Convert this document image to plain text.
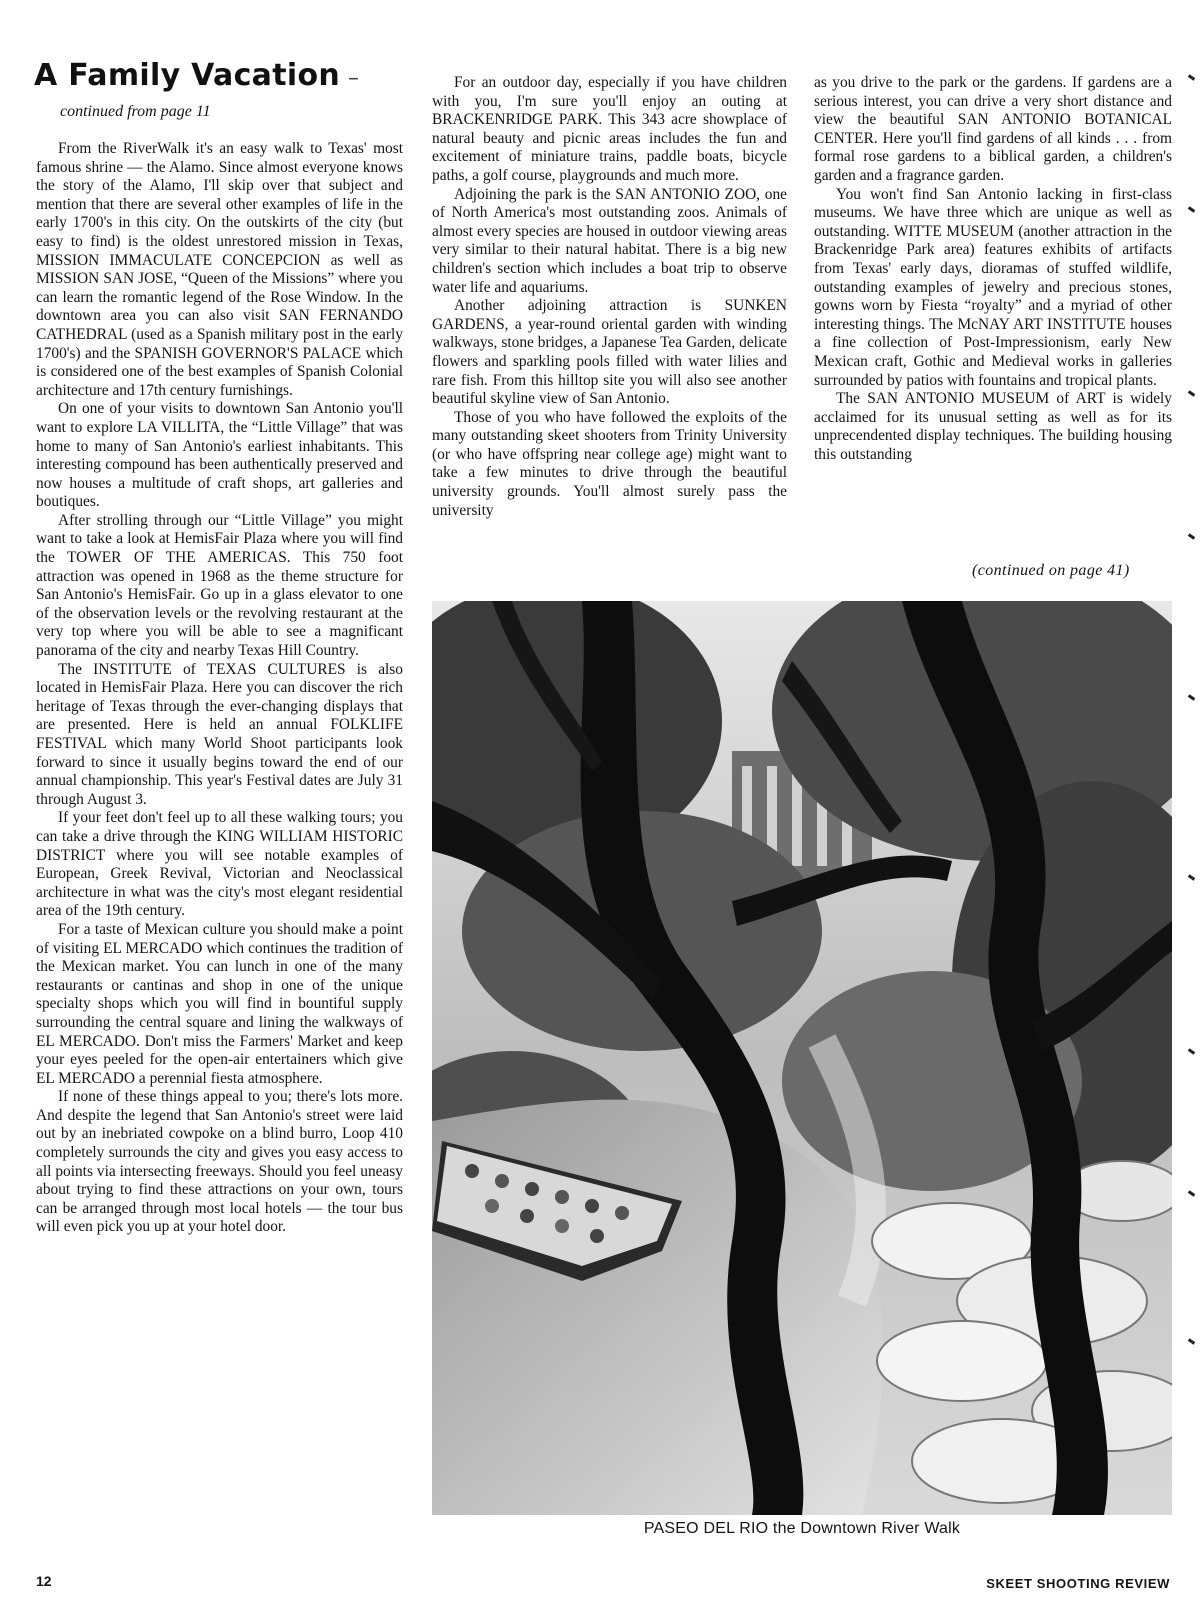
A Family Vacation –
continued from page 11

From the RiverWalk it's an easy walk to Texas' most famous shrine — the Alamo. Since almost everyone knows the story of the Alamo, I'll skip over that subject and mention that there are several other examples of life in the early 1700's in this city. On the outskirts of the city (but easy to find) is the oldest unrestored mission in Texas, MISSION IMMACULATE CONCEPCION as well as MISSION SAN JOSE, “Queen of the Missions” where you can learn the romantic legend of the Rose Window. In the downtown area you can also visit SAN FERNANDO CATHEDRAL (used as a Spanish military post in the early 1700's) and the SPANISH GOVERNOR'S PALACE which is considered one of the best examples of Spanish Colonial architecture and 17th century furnishings.

On one of your visits to downtown San Antonio you'll want to explore LA VILLITA, the “Little Village” that was home to many of San Antonio's earliest inhabitants. This interesting compound has been authentically preserved and now houses a multitude of craft shops, art galleries and boutiques.

After strolling through our “Little Village” you might want to take a look at HemisFair Plaza where you will find the TOWER OF THE AMERICAS. This 750 foot attraction was opened in 1968 as the theme structure for San Antonio's HemisFair. Go up in a glass elevator to one of the observation levels or the revolving restaurant at the very top where you will be able to see a magnificant panorama of the city and nearby Texas Hill Country.

The INSTITUTE of TEXAS CULTURES is also located in HemisFair Plaza. Here you can discover the rich heritage of Texas through the ever-changing displays that are presented. Here is held an annual FOLKLIFE FESTIVAL which many World Shoot participants look forward to since it usually begins toward the end of our annual championship. This year's Festival dates are July 31 through August 3.

If your feet don't feel up to all these walking tours; you can take a drive through the KING WILLIAM HISTORIC DISTRICT where you will see notable examples of European, Greek Revival, Victorian and Neoclassical architecture in what was the city's most elegant residential area of the 19th century.

For a taste of Mexican culture you should make a point of visiting EL MERCADO which continues the tradition of the Mexican market. You can lunch in one of the many restaurants or cantinas and shop in one of the unique specialty shops which you will find in bountiful supply surrounding the central square and lining the walkways of EL MERCADO. Don't miss the Farmers' Market and keep your eyes peeled for the open-air entertainers which give EL MERCADO a perennial fiesta atmosphere.

If none of these things appeal to you; there's lots more. And despite the legend that San Antonio's street were laid out by an inebriated cowpoke on a blind burro, Loop 410 completely surrounds the city and gives you easy access to all points via intersecting freeways. Should you feel uneasy about trying to find these attractions on your own, tours can be arranged through most local hotels — the tour bus will even pick you up at your hotel door.

For an outdoor day, especially if you have children with you, I'm sure you'll enjoy an outing at BRACKENRIDGE PARK. This 343 acre showplace of natural beauty and picnic areas includes the fun and excitement of miniature trains, paddle boats, bicycle paths, a golf course, playgrounds and much more.

Adjoining the park is the SAN ANTONIO ZOO, one of North America's most outstanding zoos. Animals of almost every species are housed in outdoor viewing areas very similar to their natural habitat. There is a big new children's section which includes a boat trip to observe water life and aquariums.

Another adjoining attraction is SUNKEN GARDENS, a year-round oriental garden with winding walkways, stone bridges, a Japanese Tea Garden, delicate flowers and sparkling pools filled with water lilies and rare fish. From this hilltop site you will also see another beautiful skyline view of San Antonio.

Those of you who have followed the exploits of the many outstanding skeet shooters from Trinity University (or who have offspring near college age) might want to take a few minutes to drive through the beautiful university grounds. You'll almost surely pass the university

as you drive to the park or the gardens. If gardens are a serious interest, you can drive a very short distance and view the beautiful SAN ANTONIO BOTANICAL CENTER. Here you'll find gardens of all kinds . . . from formal rose gardens to a biblical garden, a children's garden and a fragrance garden.

You won't find San Antonio lacking in first-class museums. We have three which are unique as well as outstanding. WITTE MUSEUM (another attraction in the Brackenridge Park area) features exhibits of artifacts from Texas' early days, dioramas of stuffed wildlife, outstanding examples of jewelry and precious stones, gowns worn by Fiesta “royalty” and a myriad of other interesting things. The McNAY ART INSTITUTE houses a fine collection of Post-Impressionism, early New Mexican craft, Gothic and Medieval works in galleries surrounded by patios with fountains and tropical plants.

The SAN ANTONIO MUSEUM of ART is widely acclaimed for its unusual setting as well as for its unprecendented display techniques. The building housing this outstanding

(continued on page 41)
PASEO DEL RIO the Downtown River Walk
12	SKEET SHOOTING REVIEW
